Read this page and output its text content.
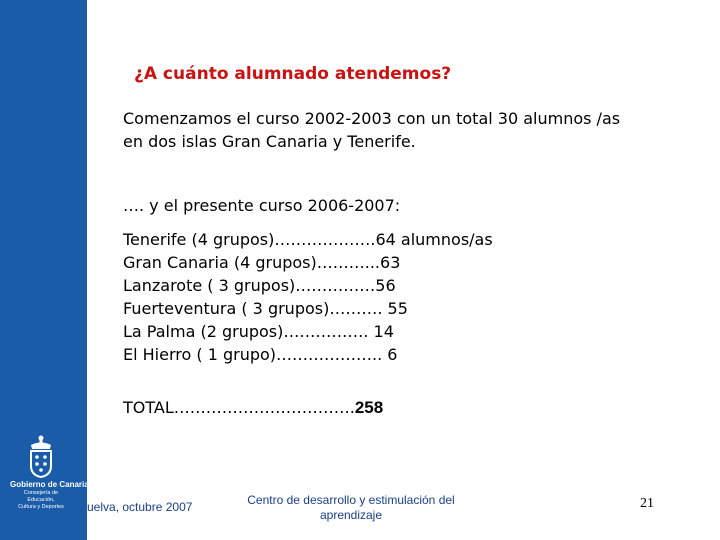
Gobierno de Canarias
Consejería de Educación,
Cultura y Deportes
¿A cuánto alumnado atendemos?

Comenzamos el curso 2002-2003 con un total 30 alumnos /as
en dos islas Gran Canaria y Tenerife.

…. y el presente curso 2006-2007:

Tenerife (4 grupos)……………….64 alumnos/as
Gran Canaria (4 grupos)………...63
Lanzarote ( 3 grupos)……………56
Fuerteventura ( 3 grupos)………. 55
La Palma (2 grupos)……………. 14
El Hierro ( 1 grupo)……………….. 6
TOTAL…………………………….258
uelva, octubre 2007	Centro de desarrollo y estimulación del
aprendizaje

21
